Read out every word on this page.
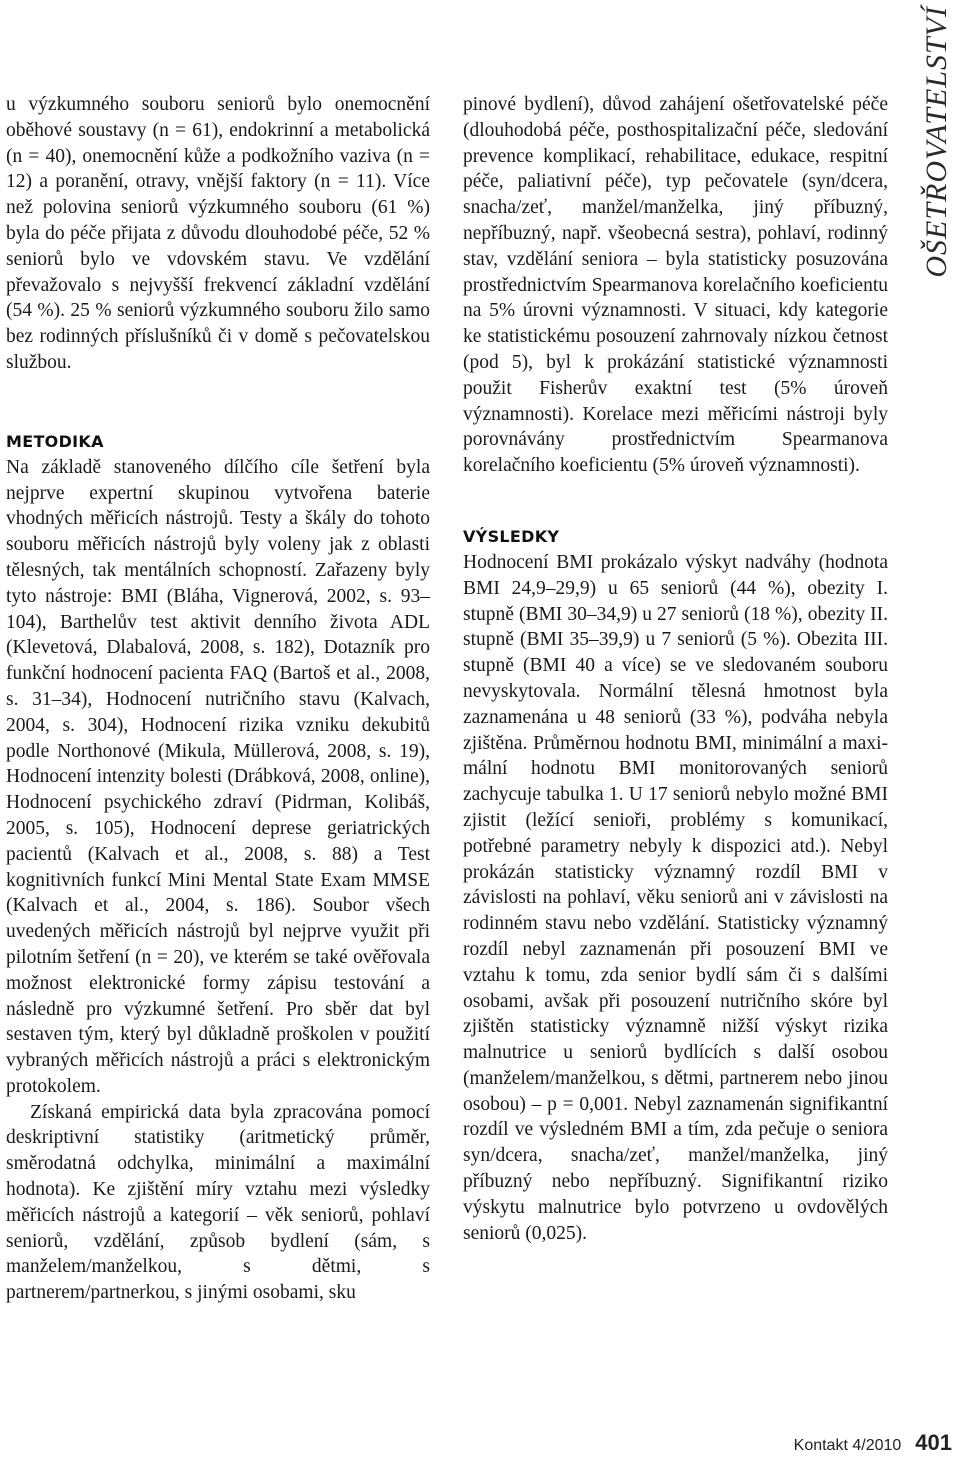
u výzkumného souboru seniorů bylo onemocnění oběhové soustavy (n = 61), endokrinní a metabolická (n = 40), onemocnění kůže a podkožního vaziva (n = 12) a poranění, otravy, vnější faktory (n = 11). Více než polovina seniorů výzkumného souboru (61 %) byla do péče přijata z důvodu dlouhodobé péče, 52 % seniorů bylo ve vdovském stavu. Ve vzdělání převažovalo s nejvyšší frekvencí základní vzdělání (54 %). 25 % seniorů výzkumného souboru žilo samo bez rodinných příslušníků či v domě s pečovatelskou službou.

METODIKA

Na základě stanoveného dílčího cíle šetření byla nejprve expertní skupinou vytvořena baterie vhodných měřicích nástrojů. Testy a škály do tohoto souboru měřicích nástrojů byly voleny jak z oblasti tělesných, tak mentálních schopností. Zařazeny byly tyto nástroje: BMI (Bláha, Vignerová, 2002, s. 93–104), Barthelův test aktivit denního života ADL (Klevetová, Dlabalová, 2008, s. 182), Dotazník pro funkční hodnocení pacienta FAQ (Bartoš et al., 2008, s. 31–34), Hodnocení nutričního stavu (Kalvach, 2004, s. 304), Hodnocení rizika vzniku dekubitů podle Northonové (Mikula, Müllerová, 2008, s. 19), Hodnocení intenzity bolesti (Drábková, 2008, online), Hodnocení psychického zdraví (Pidrman, Kolibáš, 2005, s. 105), Hodnocení deprese geriatrických pacientů (Kalvach et al., 2008, s. 88) a Test kognitivních funkcí Mini Mental State Exam MMSE (Kalvach et al., 2004, s. 186). Soubor všech uvedených měřicích nástrojů byl nejprve využit při pilotním šetření (n = 20), ve kterém se také ověřovala možnost elektronické formy zápisu testování a následně pro výzkumné šetření. Pro sběr dat byl sestaven tým, který byl důkladně proškolen v použití vybraných měřicích nástrojů a práci s elektronickým protokolem.

Získaná empirická data byla zpracována pomocí deskriptivní statistiky (aritmetický průměr, směrodatná odchylka, minimální a maximální hodnota). Ke zjištění míry vztahu mezi výsledky měřicích nástrojů a kategorií – věk seniorů, pohlaví seniorů, vzdělání, způsob bydlení (sám, s manželem/manželkou, s dětmi, s partnerem/partnerkou, s jinými osobami, sku

pinové bydlení), důvod zahájení ošetřovatelské péče (dlouhodobá péče, posthospitalizační péče, sledování prevence komplikací, rehabilitace, edukace, respitní péče, paliativní péče), typ pečovatele (syn/dcera, snacha/zeť, manžel/manželka, jiný příbuzný, nepříbuzný, např. všeobecná sestra), pohlaví, rodinný stav, vzdělání seniora – byla statisticky posuzována prostřednictvím Spearmanova korelačního koeficientu na 5% úrovni významnosti. V situaci, kdy kategorie ke statistickému posouzení zahrnovaly nízkou četnost (pod 5), byl k prokázání statistické významnosti použit Fisherův exaktní test (5% úroveň významnosti). Korelace mezi měřicími nástroji byly porovnávány prostřednictvím Spearmanova korelačního koeficientu (5% úroveň významnosti).

VÝSLEDKY

Hodnocení BMI prokázalo výskyt nadváhy (hodnota BMI 24,9–29,9) u 65 seniorů (44 %), obezity I. stupně (BMI 30–34,9) u 27 seniorů (18 %), obezity II. stupně (BMI 35–39,9) u 7 seniorů (5 %). Obezita III. stupně (BMI 40 a více) se ve sledovaném souboru nevyskytovala. Normální tělesná hmotnost byla zaznamenána u 48 seniorů (33 %), podváha nebyla zjištěna. Průměrnou hodnotu BMI, minimální a maximální hodnotu BMI monitorovaných seniorů zachycuje tabulka 1. U 17 seniorů nebylo možné BMI zjistit (ležící senioři, problémy s komunikací, potřebné parametry nebyly k dispozici atd.). Nebyl prokázán statisticky významný rozdíl BMI v závislosti na pohlaví, věku seniorů ani v závislosti na rodinném stavu nebo vzdělání. Statisticky významný rozdíl nebyl zaznamenán při posouzení BMI ve vztahu k tomu, zda senior bydlí sám či s dalšími osobami, avšak při posouzení nutričního skóre byl zjištěn statisticky významně nižší výskyt rizika malnutrice u seniorů bydlících s další osobou (manželem/manželkou, s dětmi, partnerem nebo jinou osobou) – p = 0,001. Nebyl zaznamenán signifikantní rozdíl ve výsledném BMI a tím, zda pečuje o seniora syn/dcera, snacha/zeť, manžel/manželka, jiný příbuzný nebo nepříbuzný. Signifikantní riziko výskytu malnutrice bylo potvrzeno u ovdovělých seniorů (0,025).

OŠETŘOVATELSTVÍ
Kontakt 4/2010 401
